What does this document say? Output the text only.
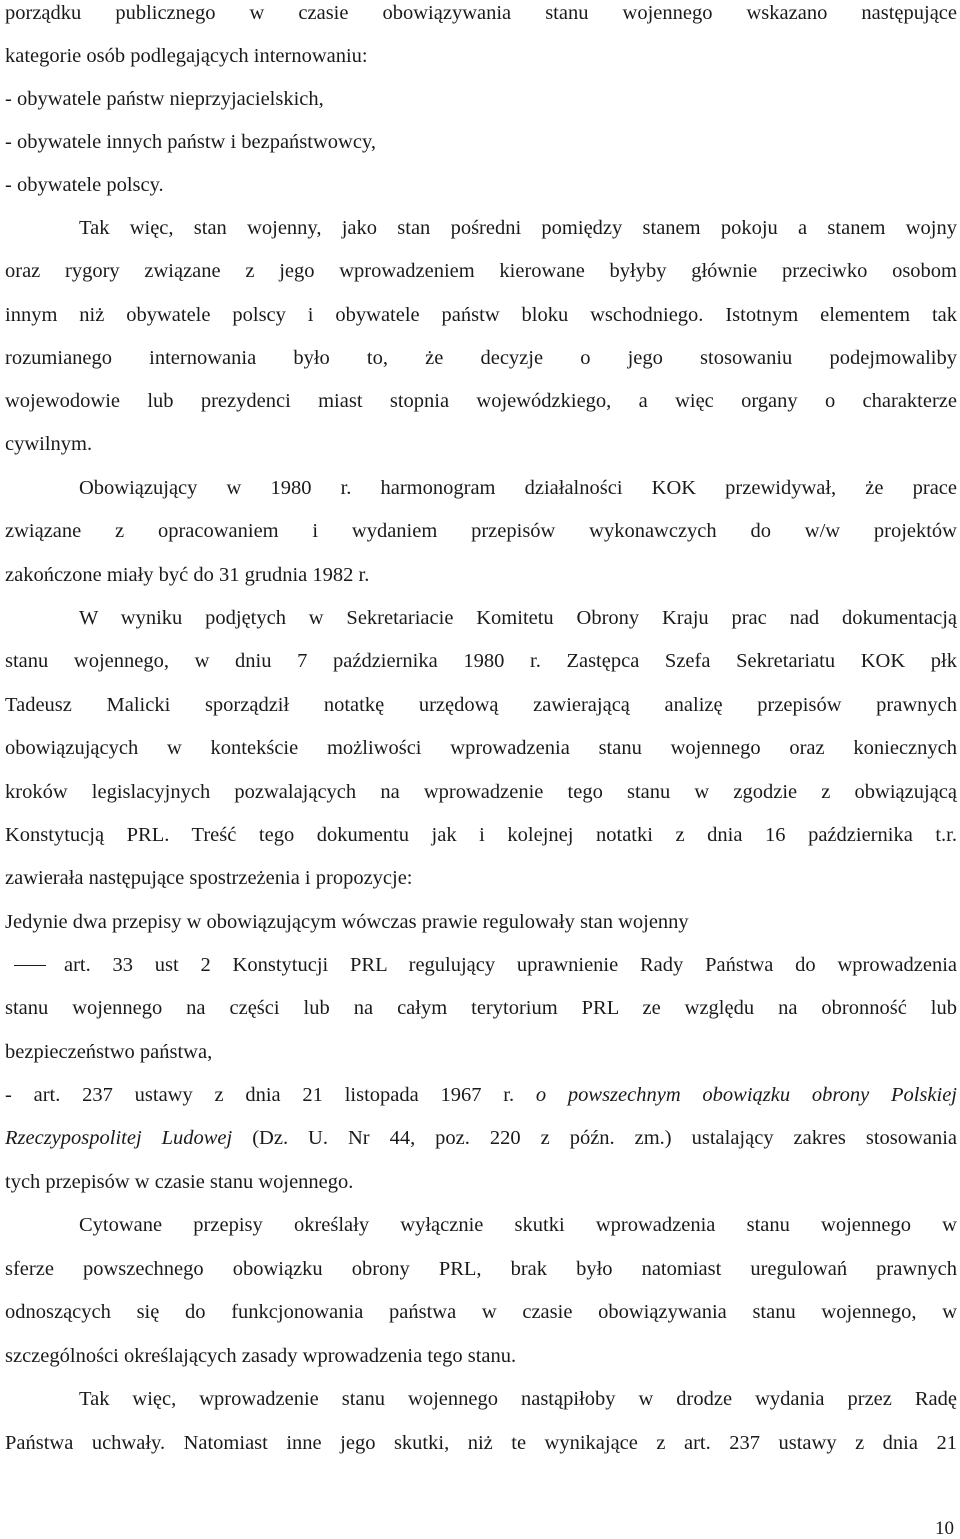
porządku publicznego w czasie obowiązywania stanu wojennego wskazano następujące
kategorie osób podlegających internowaniu:
- obywatele państw nieprzyjacielskich,
- obywatele innych państw i bezpaństwowcy,
- obywatele polscy.
Tak więc, stan wojenny, jako stan pośredni pomiędzy stanem pokoju a stanem wojny
oraz rygory związane z jego wprowadzeniem kierowane byłyby głównie przeciwko osobom
innym niż obywatele polscy i obywatele państw bloku wschodniego. Istotnym elementem tak
rozumianego internowania było to, że decyzje o jego stosowaniu podejmowaliby
wojewodowie lub prezydenci miast stopnia wojewódzkiego, a więc organy o charakterze
cywilnym.
Obowiązujący w 1980 r. harmonogram działalności KOK przewidywał, że prace
związane z opracowaniem i wydaniem przepisów wykonawczych do w/w projektów
zakończone miały być do 31 grudnia 1982 r.
W wyniku podjętych w Sekretariacie Komitetu Obrony Kraju prac nad dokumentacją
stanu wojennego, w dniu 7 października 1980 r. Zastępca Szefa Sekretariatu KOK płk
Tadeusz Malicki sporządził notatkę urzędową zawierającą analizę przepisów prawnych
obowiązujących w kontekście możliwości wprowadzenia stanu wojennego oraz koniecznych
kroków legislacyjnych pozwalających na wprowadzenie tego stanu w zgodzie z obwiązującą
Konstytucją PRL. Treść tego dokumentu jak i kolejnej notatki z dnia 16 października t.r.
zawierała następujące spostrzeżenia i propozycje:
Jedynie dwa przepisy w obowiązującym wówczas prawie regulowały stan wojenny
art. 33 ust 2 Konstytucji PRL regulujący uprawnienie Rady Państwa do wprowadzenia
stanu wojennego na części lub na całym terytorium PRL ze względu na obronność lub
bezpieczeństwo państwa,
- art. 237 ustawy z dnia 21 listopada 1967 r. o powszechnym obowiązku obrony Polskiej
Rzeczypospolitej Ludowej (Dz. U. Nr 44, poz. 220 z późn. zm.) ustalający zakres stosowania
tych przepisów w czasie stanu wojennego.
Cytowane przepisy określały wyłącznie skutki wprowadzenia stanu wojennego w
sferze powszechnego obowiązku obrony PRL, brak było natomiast uregulowań prawnych
odnoszących się do funkcjonowania państwa w czasie obowiązywania stanu wojennego, w
szczególności określających zasady wprowadzenia tego stanu.
Tak więc, wprowadzenie stanu wojennego nastąpiłoby w drodze wydania przez Radę
Państwa uchwały. Natomiast inne jego skutki, niż te wynikające z art. 237 ustawy z dnia 21
10
